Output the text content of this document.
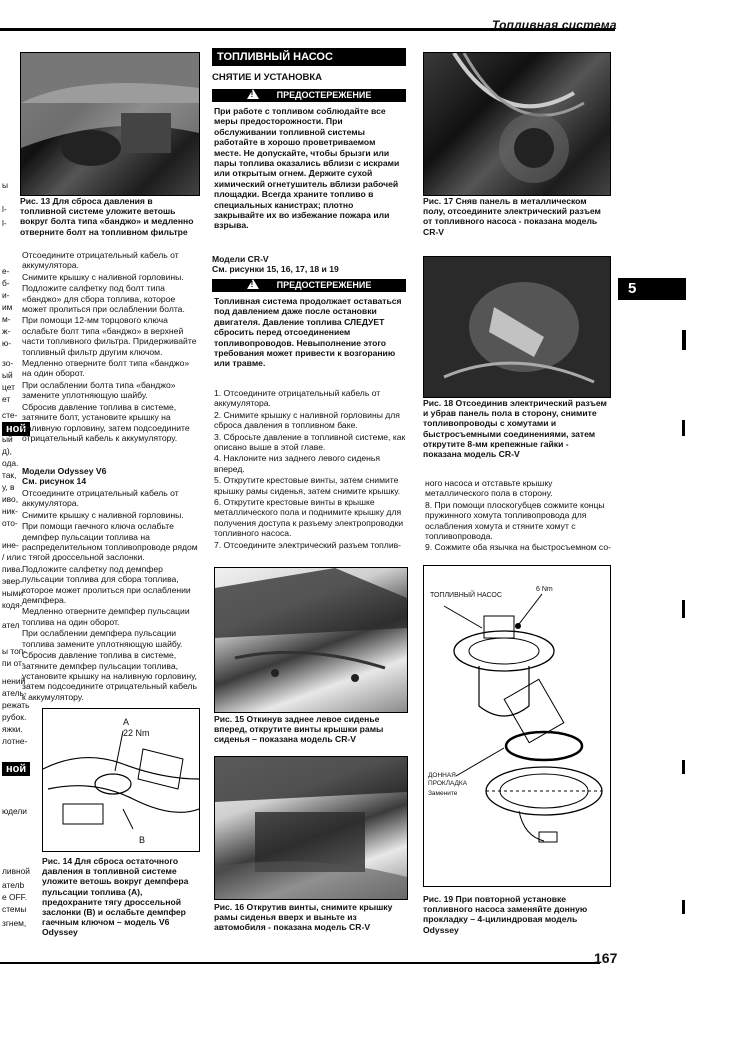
Топливная система
5
ы
l-
l-
е-
б-
и-
им
м-
ж-
ю-
зо-
ый
цет
ет
сте-
ной
ый
д),
ода.
так,
у, в
иво,
ник-
ото-
ине-
/ или
пива.
эвер-
ными
кодя-
ател
ы топ-
пи от-
нений
атель-
режать
рубок.
яжки.
лотне-
ной
юдели
ливной
ателb
е OFF.
стемы
згнем,
Рис. 13 Для сброса давления в топливной системе уложите ветошь вокруг болта типа «банджо» и медленно отверните болт на топливном фильтре
Отсоедините отрицательный кабель от аккумулятора.
Снимите крышку с наливной горловины.
Подложите салфетку под болт типа «банджо» для сбора топлива, которое может пролиться при ослаблении болта.
При помощи 12-мм торцового ключа ослабьте болт типа «банджо» в верхней части топливного фильтра. Придерживайте топливный фильтр другим ключом.
Медленно отверните болт типа «банджо» на один оборот.
При ослаблении болта типа «банджо» замените уплотняющую шайбу.
Сбросив давление топлива в системе, затяните болт, установите крышку на наливную горловину, затем подсоедините отрицательный кабель к аккумулятору.
Модели Odyssey V6
См. рисунок 14
Отсоедините отрицательный кабель от аккумулятора.
Снимите крышку с наливной горловины.
При помощи гаечного ключа ослабьте демпфер пульсации топлива на распределительном топливопроводе рядом с тягой дроссельной заслонки.
Подложите салфетку под демпфер пульсации топлива для сбора топлива, которое может пролиться при ослаблении демпфера.
Медленно отверните демпфер пульсации топлива на один оборот.
При ослаблении демпфера пульсации топлива замените уплотняющую шайбу.
Сбросив давление топлива в системе, затяните демпфер пульсации топлива, установите крышку на наливную горловину, затем подсоедините отрицательный кабель к аккумулятору.
A
22 Nm
B
Рис. 14 Для сброса остаточного давления в топливной системе уложите ветошь вокруг демпфера пульсации топлива (A), предохраните тягу дроссельной заслонки (B) и ослабьте демпфер гаечным ключом – модель V6 Odyssey
ТОПЛИВНЫЙ НАСОС
СНЯТИЕ И УСТАНОВКА
!	ПРЕДОСТЕРЕЖЕНИЕ
При работе с топливом соблюдайте все меры предосторожности. При обслуживании топливной системы работайте в хорошо проветриваемом месте. Не допускайте, чтобы брызги или пары топлива оказались вблизи с искрами или открытым огнем. Держите сухой химический огнетушитель вблизи рабочей площадки. Всегда храните топливо в специальных канистрах; плотно закрывайте их во избежание пожара или взрыва.
Модели CR-V
См. рисунки 15, 16, 17, 18 и 19
!	ПРЕДОСТЕРЕЖЕНИЕ
Топливная система продолжает оставаться под давлением даже после остановки двигателя. Давление топлива СЛЕДУЕТ сбросить перед отсоединением топливопроводов. Невыполнение этого требования может привести к возгоранию или травме.
1. Отсоедините отрицательный кабель от аккумулятора.
2. Снимите крышку с наливной горловины для сброса давления в топливном баке.
3. Сбросьте давление в топливной системе, как описано выше в этой главе.
4. Наклоните низ заднего левого сиденья вперед.
5. Открутите крестовые винты, затем снимите крышку рамы сиденья, затем снимите крышку.
6. Открутите крестовые винты в крышке металлического пола и поднимите крышку для получения доступа к разъему электропроводки топливного насоса.
7. Отсоедините электрический разъем топлив-
Рис. 15 Откинув заднее левое сиденье вперед, открутите винты крышки рамы сиденья – показана модель CR-V
Рис. 16 Открутив винты, снимите крышку рамы сиденья вверх и выньте из автомобиля - показана модель CR-V
Рис. 17 Сняв панель в металлическом полу, отсоедините электрический разъем от топливного насоса - показана модель CR-V
Рис. 18 Отсоединив электрический разъем и убрав панель пола в сторону, снимите топливопроводы с хомутами и быстросъемными соединениями, затем открутите 8-мм крепежные гайки - показана модель CR-V
ного насоса и отставьте крышку металлического пола в сторону.
8. При помощи плоскогубцев сожмите концы пружинного хомута топливопровода для ослабления хомута и стяните хомут с топливопровода.
9. Сожмите оба язычка на быстросъемном со-
ТОПЛИВНЫЙ НАСОС
6 Nm
ДОННАЯ ПРОКЛАДКА
Замените
Рис. 19 При повторной установке топливного насоса заменяйте донную прокладку – 4-цилиндровая модель Odyssey
167
